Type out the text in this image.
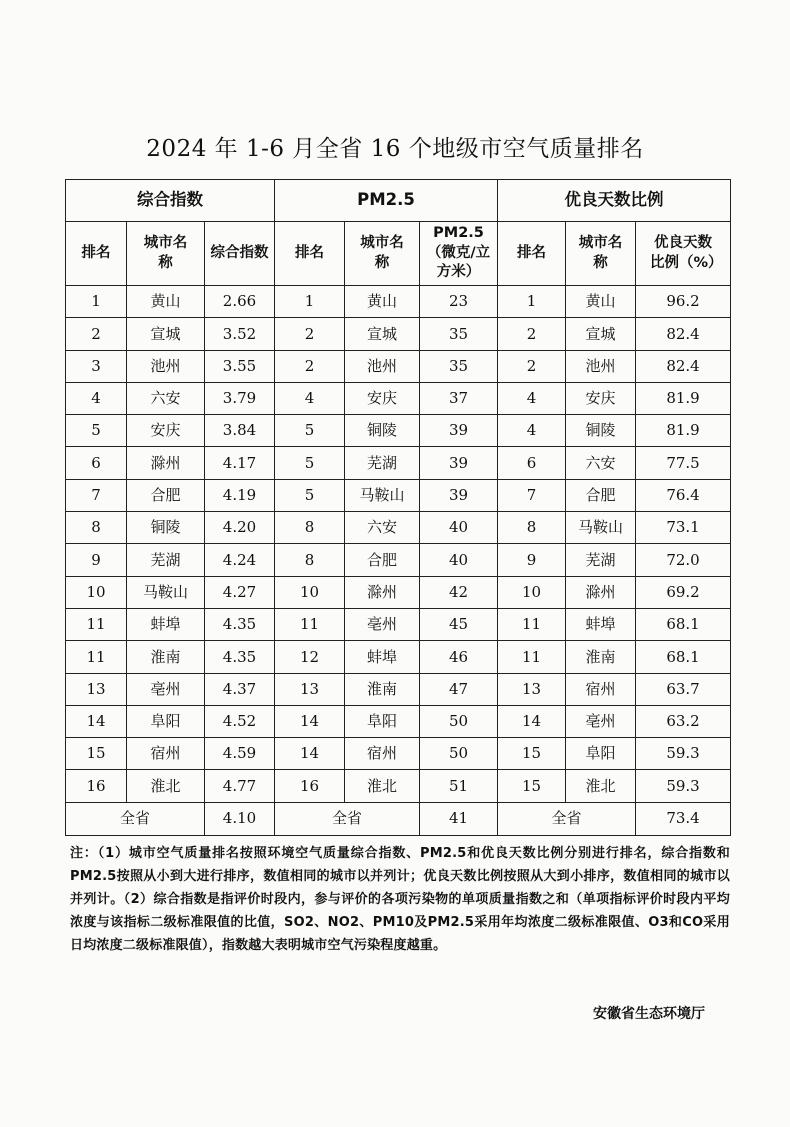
2024 年 1-6 月全省 16 个地级市空气质量排名
综合指数			PM2.5			优良天数比例		
排名	城市名称	综合指数	排名	城市名称	PM2.5（微克/立方米）	排名	城市名称	优良天数比例（%）
1	黄山	2.66	1	黄山	23	1	黄山	96.2
2	宣城	3.52	2	宣城	35	2	宣城	82.4
3	池州	3.55	2	池州	35	2	池州	82.4
4	六安	3.79	4	安庆	37	4	安庆	81.9
5	安庆	3.84	5	铜陵	39	4	铜陵	81.9
6	滁州	4.17	5	芜湖	39	6	六安	77.5
7	合肥	4.19	5	马鞍山	39	7	合肥	76.4
8	铜陵	4.20	8	六安	40	8	马鞍山	73.1
9	芜湖	4.24	8	合肥	40	9	芜湖	72.0
10	马鞍山	4.27	10	滁州	42	10	滁州	69.2
11	蚌埠	4.35	11	亳州	45	11	蚌埠	68.1
11	淮南	4.35	12	蚌埠	46	11	淮南	68.1
13	亳州	4.37	13	淮南	47	13	宿州	63.7
14	阜阳	4.52	14	阜阳	50	14	亳州	63.2
15	宿州	4.59	14	宿州	50	15	阜阳	59.3
16	淮北	4.77	16	淮北	51	15	淮北	59.3
全省		4.10	全省		41	全省		73.4
注：（1）城市空气质量排名按照环境空气质量综合指数、PM2.5和优良天数比例分别进行排名，综合指数和PM2.5按照从小到大进行排序，数值相同的城市以并列计；优良天数比例按照从大到小排序，数值相同的城市以并列计。（2）综合指数是指评价时段内，参与评价的各项污染物的单项质量指数之和（单项指标评价时段内平均浓度与该指标二级标准限值的比值，SO2、NO2、PM10及PM2.5采用年均浓度二级标准限值、O3和CO采用日均浓度二级标准限值），指数越大表明城市空气污染程度越重。
安徽省生态环境厅
